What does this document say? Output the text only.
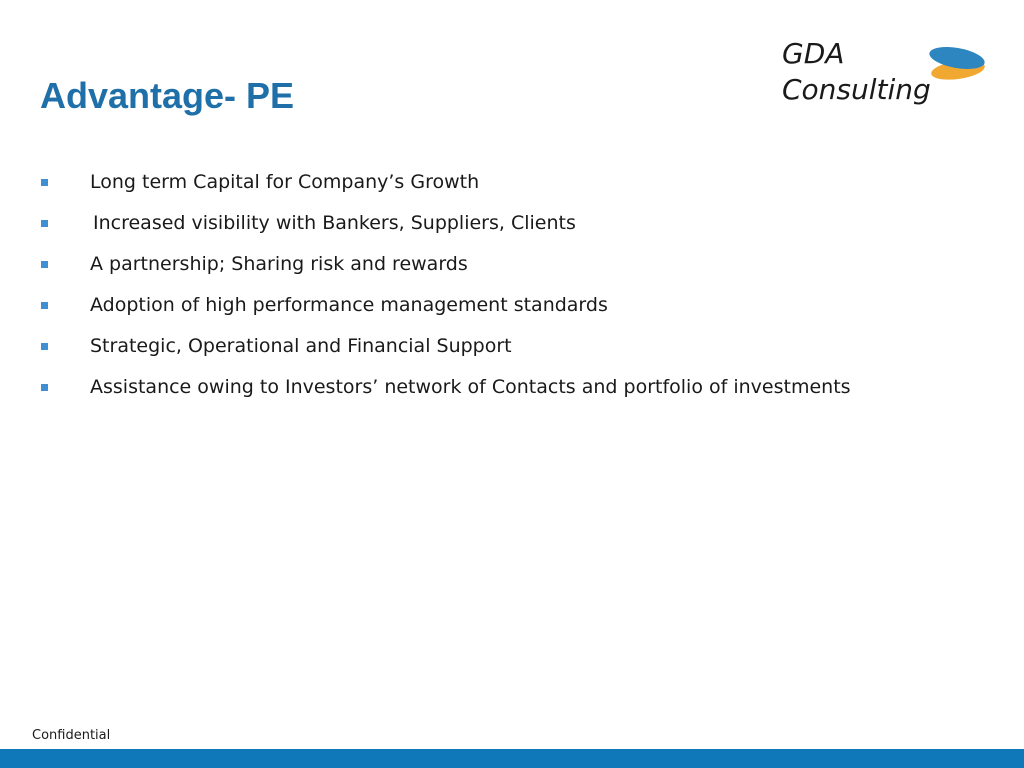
Advantage- PE
GDA
Consulting
Long term Capital for Company’s Growth
Increased visibility with Bankers, Suppliers, Clients
A partnership; Sharing risk and rewards
Adoption of high performance management standards
Strategic, Operational and Financial Support
Assistance owing to Investors’ network of Contacts and portfolio of investments
Confidential
